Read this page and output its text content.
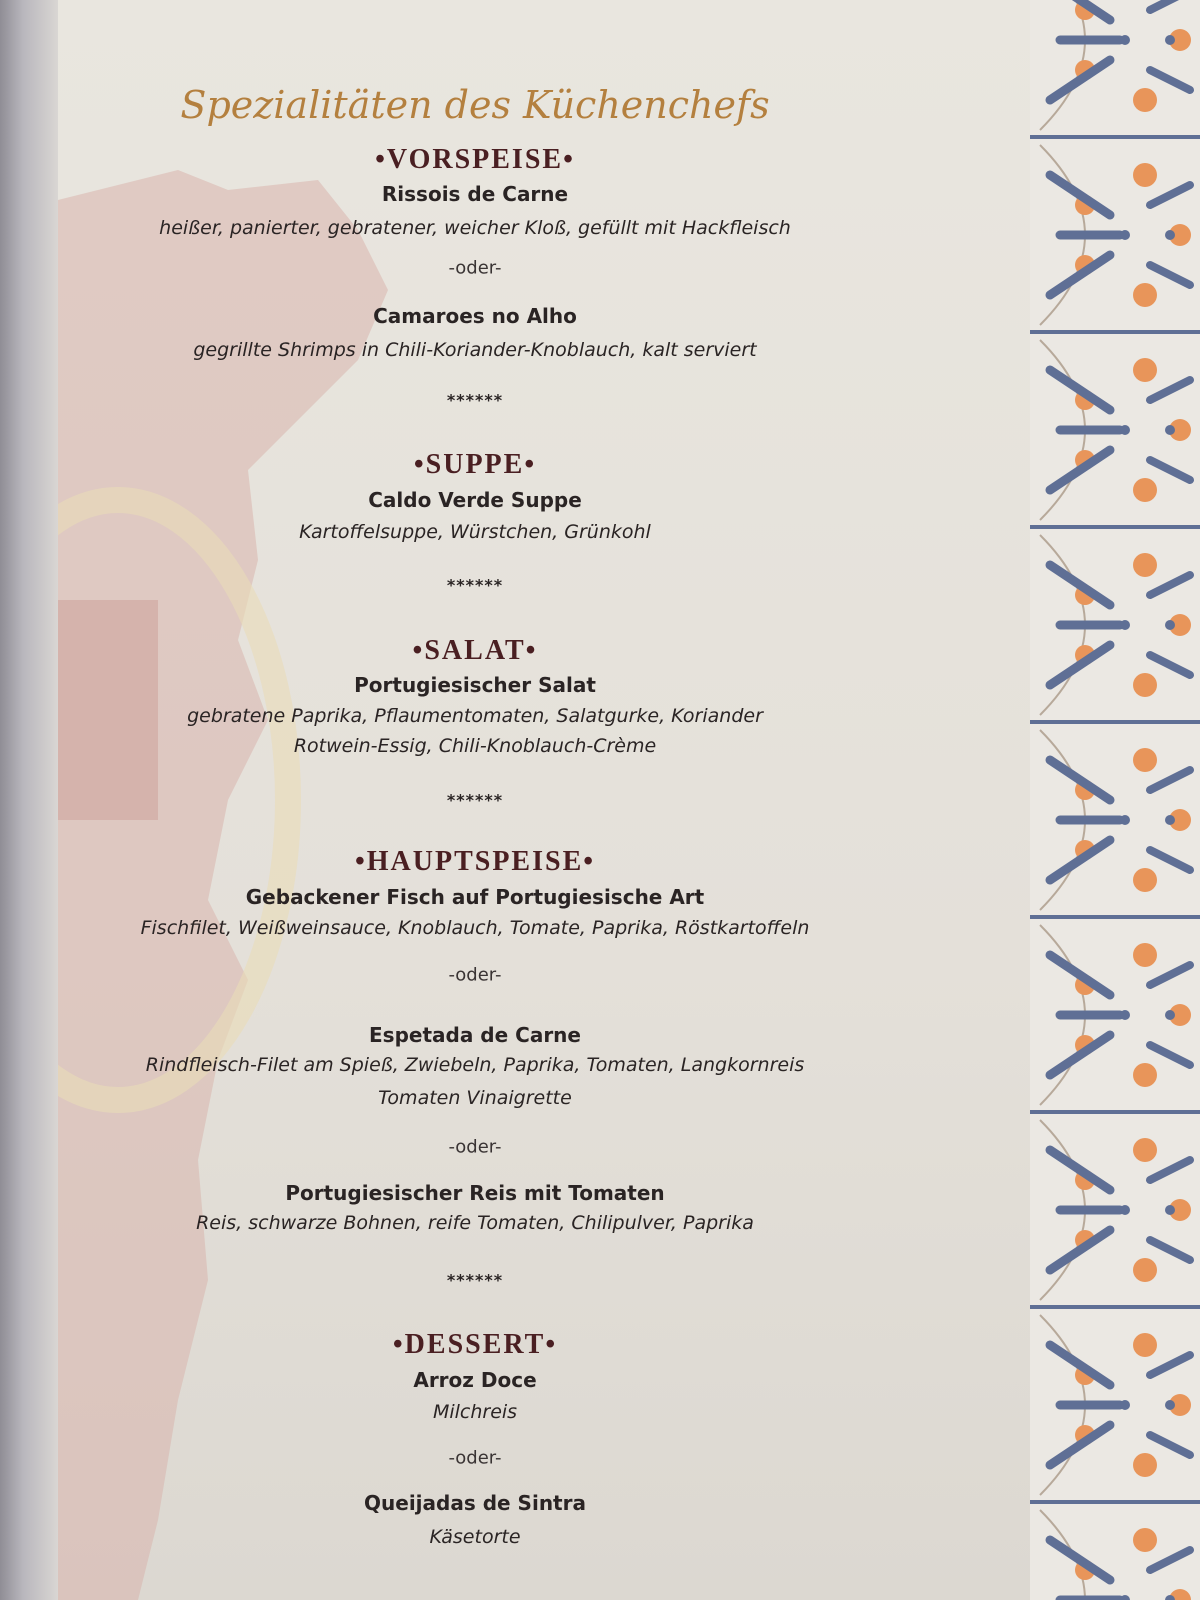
Spezialitäten des Küchenchefs
•VORSPEISE•
Rissois de Carne
heißer, panierter, gebratener, weicher Kloß, gefüllt mit Hackfleisch
-oder-
Camaroes no Alho
gegrillte Shrimps in Chili-Koriander-Knoblauch, kalt serviert
******
•SUPPE•
Caldo Verde Suppe
Kartoffelsuppe, Würstchen, Grünkohl
******
•SALAT•
Portugiesischer Salat
gebratene Paprika, Pflaumentomaten, Salatgurke, Koriander
Rotwein-Essig, Chili-Knoblauch-Crème
******
•HAUPTSPEISE•
Gebackener Fisch auf Portugiesische Art
Fischfilet, Weißweinsauce, Knoblauch, Tomate, Paprika, Röstkartoffeln
-oder-
Espetada de Carne
Rindfleisch-Filet am Spieß, Zwiebeln, Paprika, Tomaten, Langkornreis
Tomaten Vinaigrette
-oder-
Portugiesischer Reis mit Tomaten
Reis, schwarze Bohnen, reife Tomaten, Chilipulver, Paprika
******
•DESSERT•
Arroz Doce
Milchreis
-oder-
Queijadas de Sintra
Käsetorte
